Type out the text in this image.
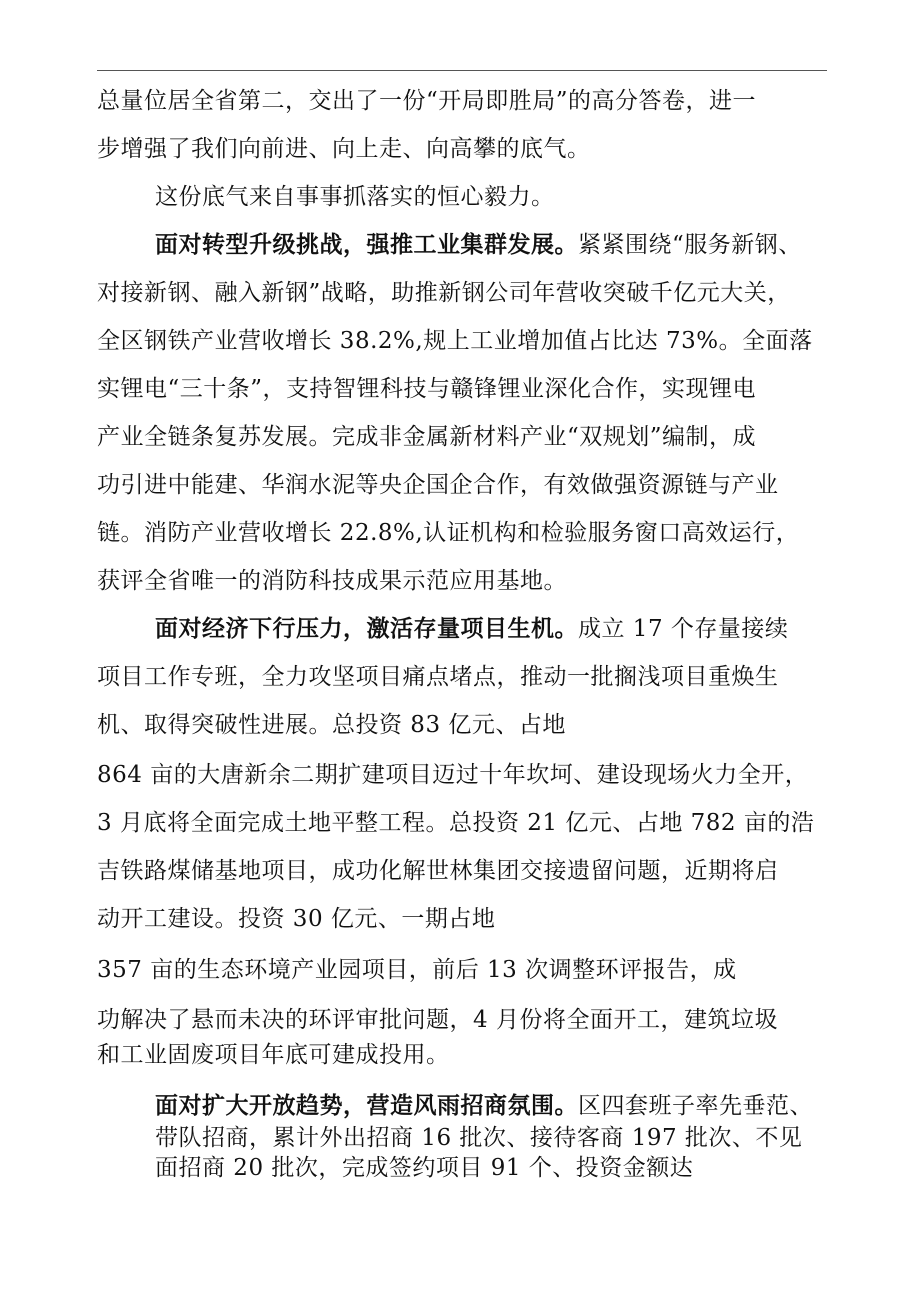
总量位居全省第二，交出了一份“开局即胜局”的高分答卷，进一
步增强了我们向前进、向上走、向高攀的底气。
这份底气来自事事抓落实的恒心毅力。
面对转型升级挑战，强推工业集群发展。紧紧围绕“服务新钢、
对接新钢、融入新钢”战略，助推新钢公司年营收突破千亿元大关，
全区钢铁产业营收增长 38.2%,规上工业增加值占比达 73%。全面落
实锂电“三十条”，支持智锂科技与赣锋锂业深化合作，实现锂电
产业全链条复苏发展。完成非金属新材料产业“双规划”编制，成
功引进中能建、华润水泥等央企国企合作，有效做强资源链与产业
链。消防产业营收增长 22.8%,认证机构和检验服务窗口高效运行，
获评全省唯一的消防科技成果示范应用基地。
面对经济下行压力，激活存量项目生机。成立 17 个存量接续
项目工作专班，全力攻坚项目痛点堵点，推动一批搁浅项目重焕生
机、取得突破性进展。总投资 83 亿元、占地
864 亩的大唐新余二期扩建项目迈过十年坎坷、建设现场火力全开，
3 月底将全面完成土地平整工程。总投资 21 亿元、占地 782 亩的浩
吉铁路煤储基地项目，成功化解世林集团交接遗留问题，近期将启
动开工建设。投资 30 亿元、一期占地
357 亩的生态环境产业园项目，前后 13 次调整环评报告，成
功解决了悬而未决的环评审批问题，4 月份将全面开工，建筑垃圾
和工业固废项目年底可建成投用。
面对扩大开放趋势，营造风雨招商氛围。区四套班子率先垂范、
带队招商，累计外出招商 16 批次、接待客商 197 批次、不见
面招商 20 批次，完成签约项目 91 个、投资金额达
